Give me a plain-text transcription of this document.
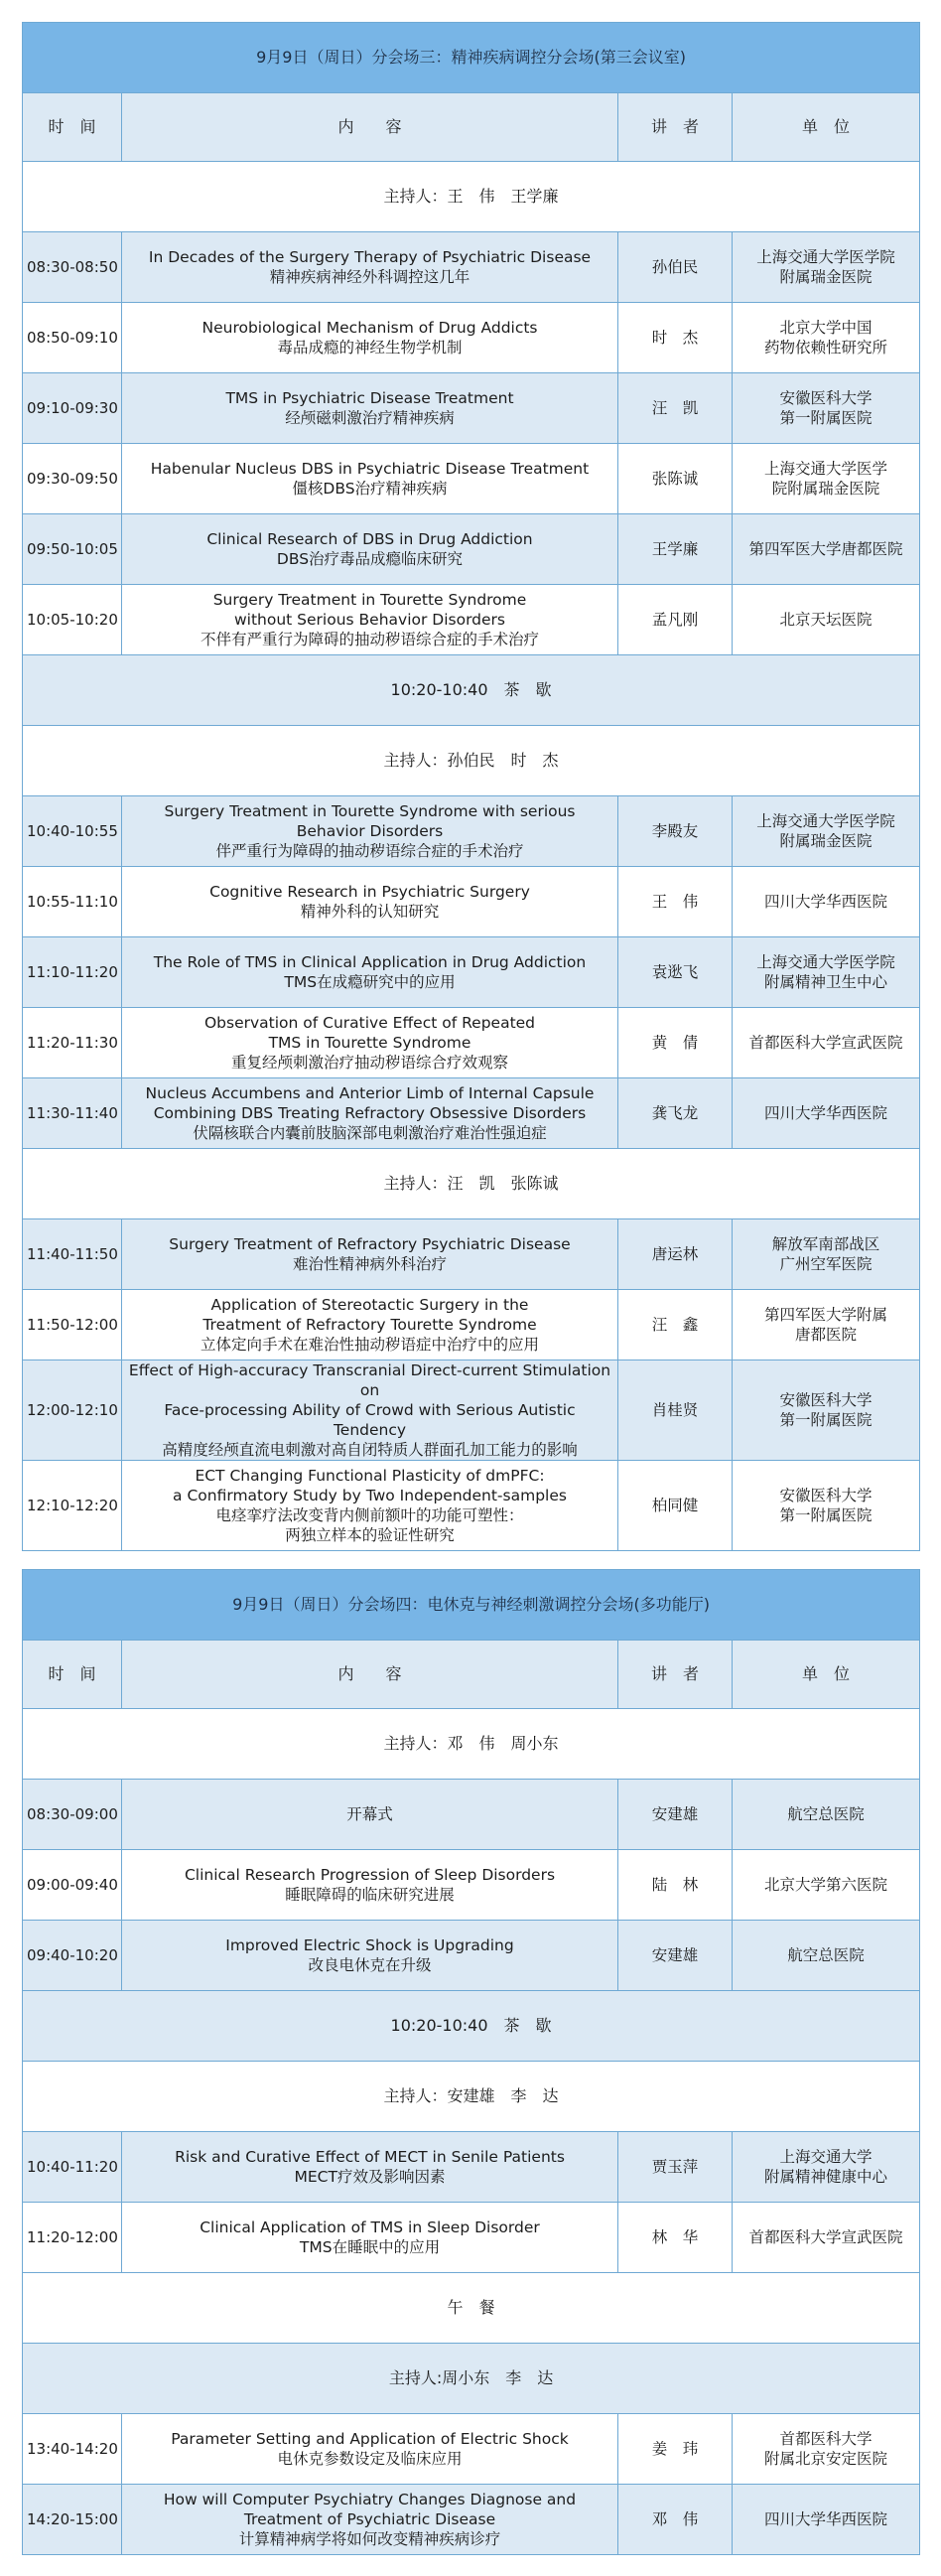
9月9日（周日）分会场三：精神疾病调控分会场(第三会议室)			
时　间	内　　容	讲　者	单　位
主持人：王　伟　王学廉			
08:30-08:50	In Decades of the Surgery Therapy of Psychiatric Disease
精神疾病神经外科调控这几年	孙伯民	上海交通大学医学院
附属瑞金医院

08:50-09:10	Neurobiological Mechanism of Drug Addicts
毒品成瘾的神经生物学机制	时　杰	北京大学中国
药物依赖性研究所

09:10-09:30	TMS in Psychiatric Disease Treatment
经颅磁刺激治疗精神疾病	汪　凯	安徽医科大学
第一附属医院

09:30-09:50	Habenular Nucleus DBS in Psychiatric Disease Treatment
僵核DBS治疗精神疾病	张陈诚	上海交通大学医学
院附属瑞金医院

09:50-10:05	Clinical Research of DBS in Drug Addiction
DBS治疗毒品成瘾临床研究	王学廉	第四军医大学唐都医院

10:05-10:20	Surgery Treatment in Tourette Syndrome
without Serious Behavior Disorders
不伴有严重行为障碍的抽动秽语综合症的手术治疗	孟凡刚	北京天坛医院

10:20-10:40　茶　歇			
主持人：孙伯民　时　杰			
10:40-10:55	Surgery Treatment in Tourette Syndrome with serious
Behavior Disorders
伴严重行为障碍的抽动秽语综合症的手术治疗	李殿友	上海交通大学医学院
附属瑞金医院

10:55-11:10	Cognitive Research in Psychiatric Surgery
精神外科的认知研究	王　伟	四川大学华西医院

11:10-11:20	The Role of TMS in Clinical Application in Drug Addiction
TMS在成瘾研究中的应用	袁逖飞	上海交通大学医学院
附属精神卫生中心

11:20-11:30	Observation of Curative Effect of Repeated
TMS in Tourette Syndrome
重复经颅刺激治疗抽动秽语综合疗效观察	黄　倩	首都医科大学宣武医院

11:30-11:40	Nucleus Accumbens and Anterior Limb of Internal Capsule
Combining DBS Treating Refractory Obsessive Disorders
伏隔核联合内囊前肢脑深部电刺激治疗难治性强迫症	龚飞龙	四川大学华西医院

主持人：汪　凯　张陈诚			
11:40-11:50	Surgery Treatment of Refractory Psychiatric Disease
难治性精神病外科治疗	唐运林	解放军南部战区
广州空军医院

11:50-12:00	Application of Stereotactic Surgery in the
Treatment of Refractory Tourette Syndrome
立体定向手术在难治性抽动秽语症中治疗中的应用	汪　鑫	第四军医大学附属
唐都医院

12:00-12:10	Effect of High-accuracy Transcranial Direct-current Stimulation on
Face-processing Ability of Crowd with Serious Autistic Tendency
高精度经颅直流电刺激对高自闭特质人群面孔加工能力的影响	肖桂贤	安徽医科大学
第一附属医院

12:10-12:20	ECT Changing Functional Plasticity of dmPFC:
a Confirmatory Study by Two Independent-samples
电痉挛疗法改变背内侧前额叶的功能可塑性：
两独立样本的验证性研究	柏同健	安徽医科大学
第一附属医院
9月9日（周日）分会场四：电休克与神经刺激调控分会场(多功能厅)			
时　间	内　　容	讲　者	单　位
主持人：邓　伟　周小东			
08:30-09:00	开幕式	安建雄	航空总医院

09:00-09:40	Clinical Research Progression of Sleep Disorders
睡眠障碍的临床研究进展	陆　林	北京大学第六医院

09:40-10:20	Improved Electric Shock is Upgrading
改良电休克在升级	安建雄	航空总医院

10:20-10:40　茶　歇			
主持人：安建雄　李　达			
10:40-11:20	Risk and Curative Effect of MECT in Senile Patients
MECT疗效及影响因素	贾玉萍	上海交通大学
附属精神健康中心

11:20-12:00	Clinical Application of TMS in Sleep Disorder
TMS在睡眠中的应用	林　华	首都医科大学宣武医院

午　餐			
主持人:周小东　李　达			
13:40-14:20	Parameter Setting and Application of Electric Shock
电休克参数设定及临床应用	姜　玮	首都医科大学
附属北京安定医院

14:20-15:00	How will Computer Psychiatry Changes Diagnose and
Treatment of Psychiatric Disease
计算精神病学将如何改变精神疾病诊疗	邓　伟	四川大学华西医院
